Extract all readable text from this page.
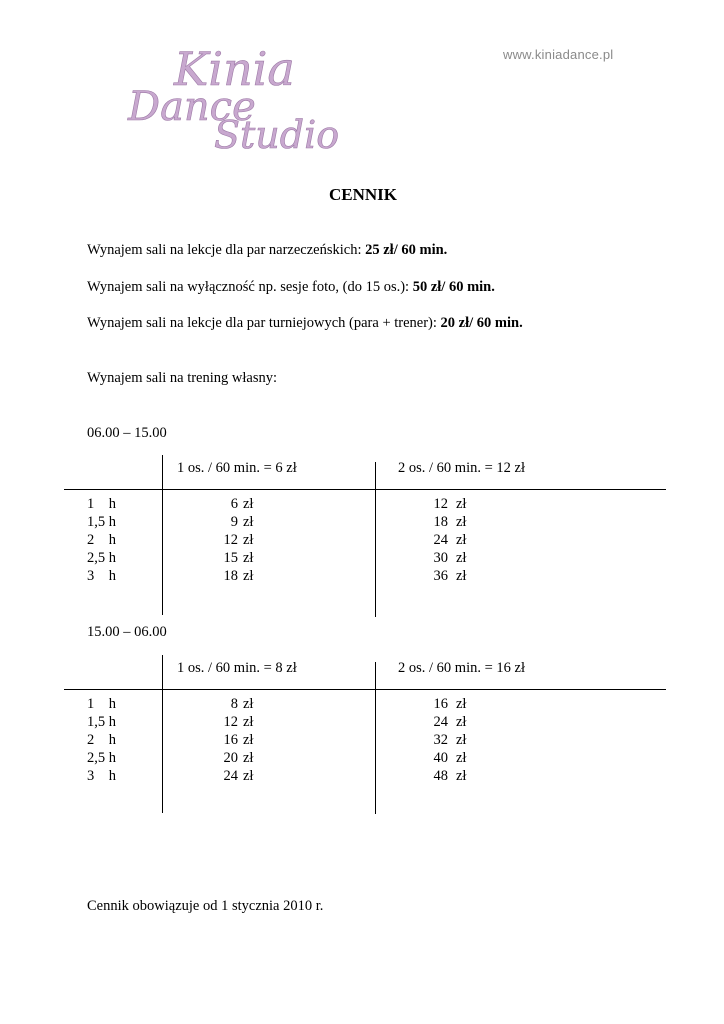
Kinia
Dance
Studio
www.kiniadance.pl
CENNIK
Wynajem sali na lekcje dla par narzeczeńskich: 25 zł/ 60 min.
Wynajem sali na wyłączność np. sesje foto, (do 15 os.): 50 zł/ 60 min.
Wynajem sali na lekcje dla par turniejowych (para + trener): 20 zł/ 60 min.
Wynajem sali na trening własny:
06.00 – 15.00
1 os. / 60 min. = 6 zł	2 os. / 60 min. = 12 zł
1    h	6 zł	12 zł
1,5 h	9 zł	18 zł
2    h	12 zł	24 zł
2,5 h	15 zł	30 zł
3    h	18 zł	36 zł
15.00 – 06.00
1 os. / 60 min. = 8 zł	2 os. / 60 min. = 16 zł
1    h	8 zł	16 zł
1,5 h	12 zł	24 zł
2    h	16 zł	32 zł
2,5 h	20 zł	40 zł
3    h	24 zł	48 zł
Cennik obowiązuje od 1 stycznia 2010 r.
